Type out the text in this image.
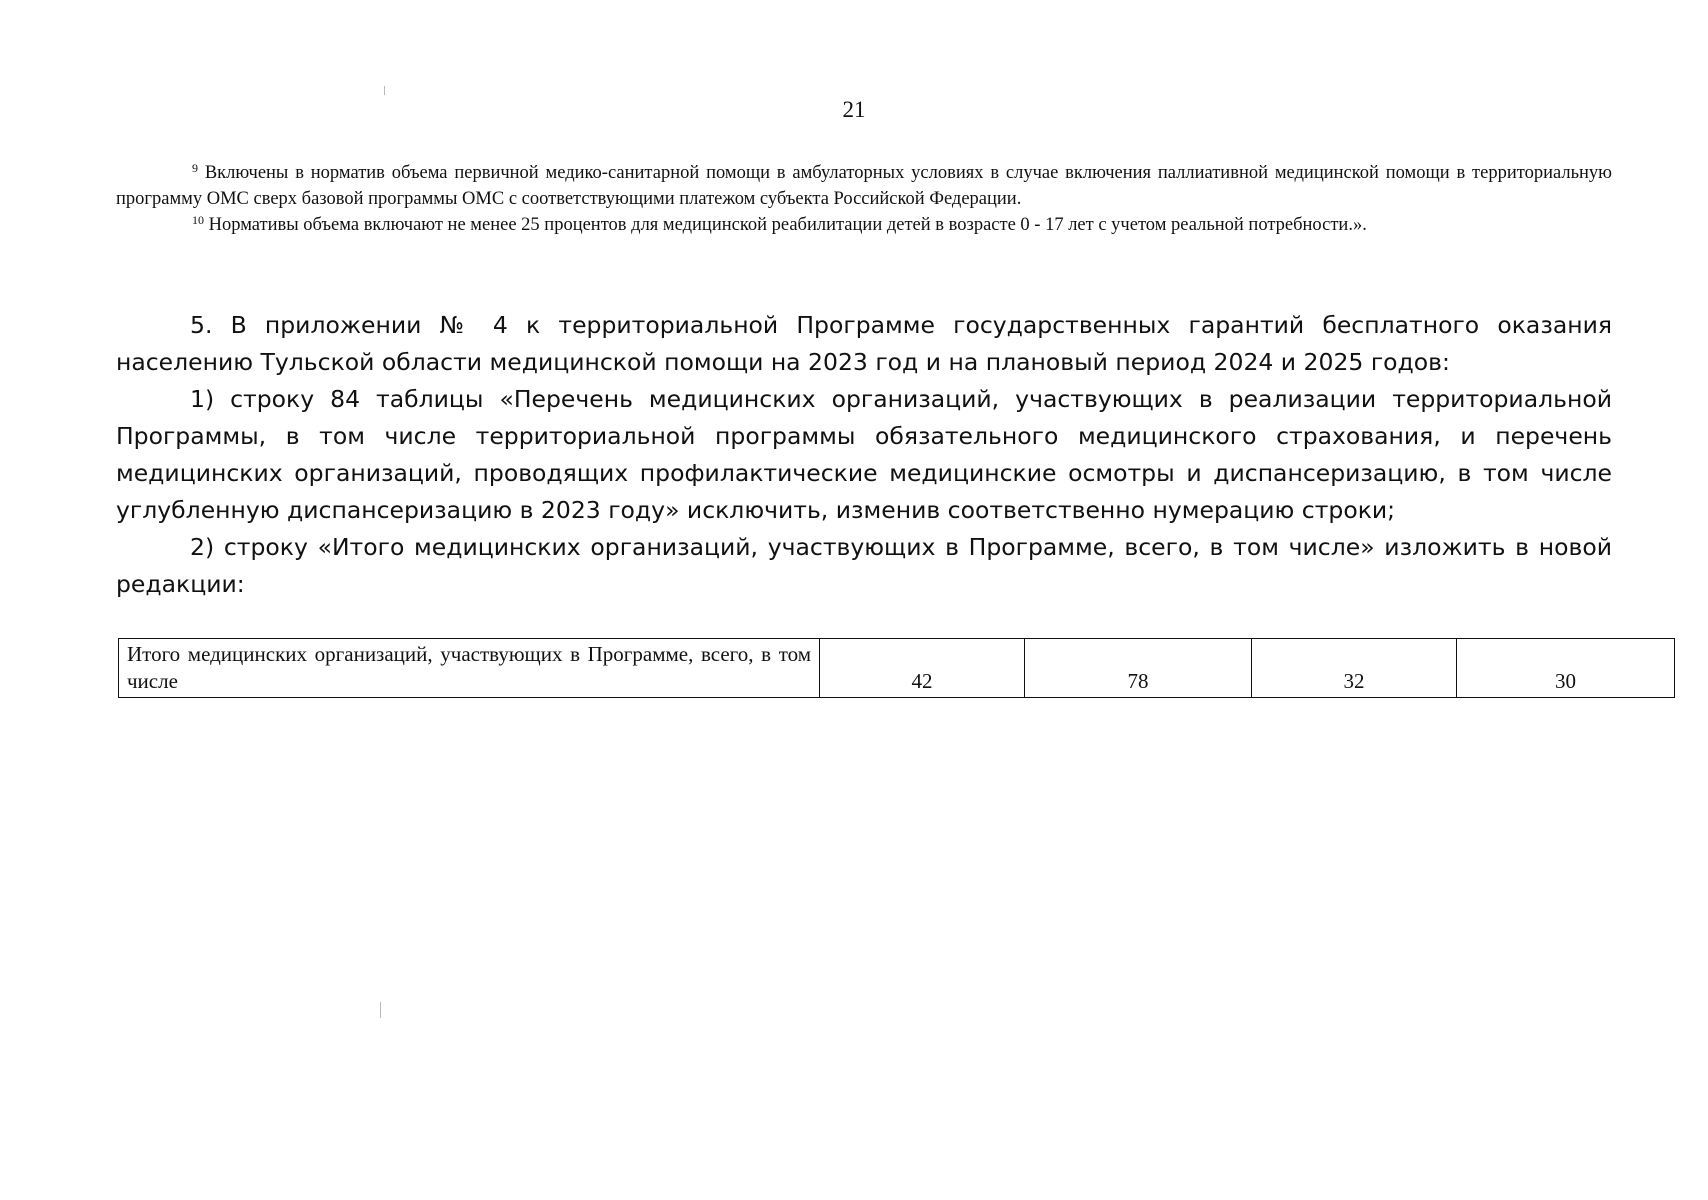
21

$^9$ Включены в норматив объема первичной медико-санитарной помощи в амбулаторных условиях в случае включения паллиативной медицинской помощи в территориальную программу ОМС сверх базовой программы ОМС с соответствующими платежом субъекта Российской Федерации.

$^{10}$ Нормативы объема включают не менее 25 процентов для медицинской реабилитации детей в возрасте 0 - 17 лет с учетом реальной потребности.».

5. В приложении № 4 к территориальной Программе государственных гарантий бесплатного оказания населению Тульской области медицинской помощи на 2023 год и на плановый период 2024 и 2025 годов:

1) строку 84 таблицы «Перечень медицинских организаций, участвующих в реализации территориальной Программы, в том числе территориальной программы обязательного медицинского страхования, и перечень медицинских организаций, проводящих профилактические медицинские осмотры и диспансеризацию, в том числе углубленную диспансеризацию в 2023 году» исключить, изменив соответственно нумерацию строки;

2) строку «Итого медицинских организаций, участвующих в Программе, всего, в том числе» изложить в новой редакции:

Итого медицинских организаций, участвующих в Программе, всего, в том числе	42	78	32	30
